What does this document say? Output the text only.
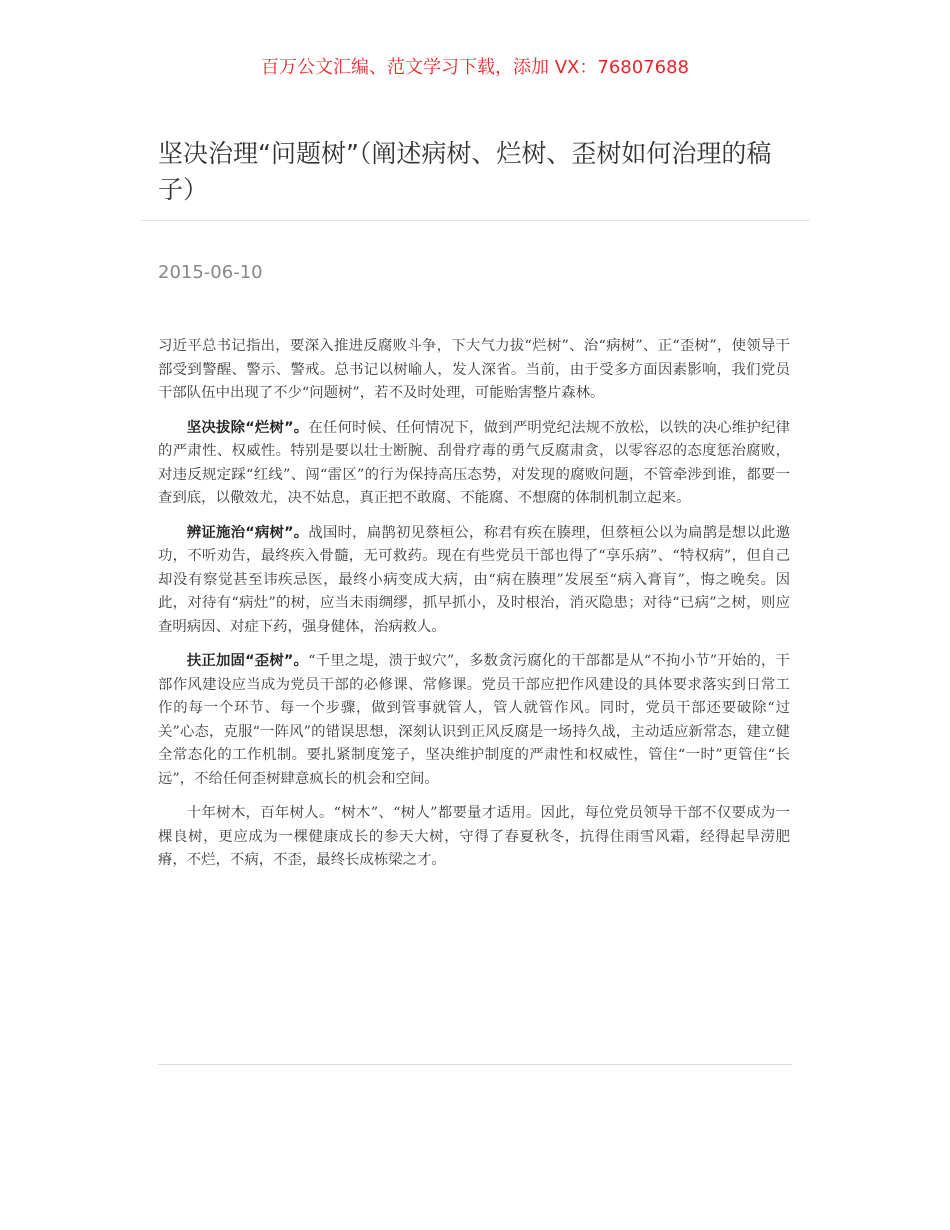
百万公文汇编、范文学习下载，添加 VX：76807688
坚决治理“问题树”（阐述病树、烂树、歪树如何治理的稿子）
2015-06-10

习近平总书记指出，要深入推进反腐败斗争，下大气力拔“烂树”、治“病树”、正“歪树”，使领导干部受到警醒、警示、警戒。总书记以树喻人，发人深省。当前，由于受多方面因素影响，我们党员干部队伍中出现了不少“问题树”，若不及时处理，可能贻害整片森林。

坚决拔除“烂树”。在任何时候、任何情况下，做到严明党纪法规不放松，以铁的决心维护纪律的严肃性、权威性。特别是要以壮士断腕、刮骨疗毒的勇气反腐肃贪，以零容忍的态度惩治腐败，对违反规定踩“红线”、闯“雷区”的行为保持高压态势，对发现的腐败问题，不管牵涉到谁，都要一查到底，以儆效尤，决不姑息，真正把不敢腐、不能腐、不想腐的体制机制立起来。

辨证施治“病树”。战国时，扁鹊初见蔡桓公，称君有疾在腠理，但蔡桓公以为扁鹊是想以此邀功，不听劝告，最终疾入骨髓，无可救药。现在有些党员干部也得了“享乐病”、“特权病”，但自己却没有察觉甚至讳疾忌医，最终小病变成大病，由“病在腠理”发展至“病入膏肓”，悔之晚矣。因此，对待有“病灶”的树，应当未雨绸缪，抓早抓小，及时根治，消灭隐患；对待“已病”之树，则应查明病因、对症下药，强身健体，治病救人。

扶正加固“歪树”。“千里之堤，溃于蚁穴”，多数贪污腐化的干部都是从“不拘小节”开始的，干部作风建设应当成为党员干部的必修课、常修课。党员干部应把作风建设的具体要求落实到日常工作的每一个环节、每一个步骤，做到管事就管人，管人就管作风。同时，党员干部还要破除“过关”心态，克服“一阵风”的错误思想，深刻认识到正风反腐是一场持久战，主动适应新常态，建立健全常态化的工作机制。要扎紧制度笼子，坚决维护制度的严肃性和权威性，管住“一时”更管住“长远”，不给任何歪树肆意疯长的机会和空间。

十年树木，百年树人。“树木”、“树人”都要量才适用。因此，每位党员领导干部不仅要成为一棵良树，更应成为一棵健康成长的参天大树，守得了春夏秋冬，抗得住雨雪风霜，经得起旱涝肥瘠，不烂，不病，不歪，最终长成栋梁之才。
